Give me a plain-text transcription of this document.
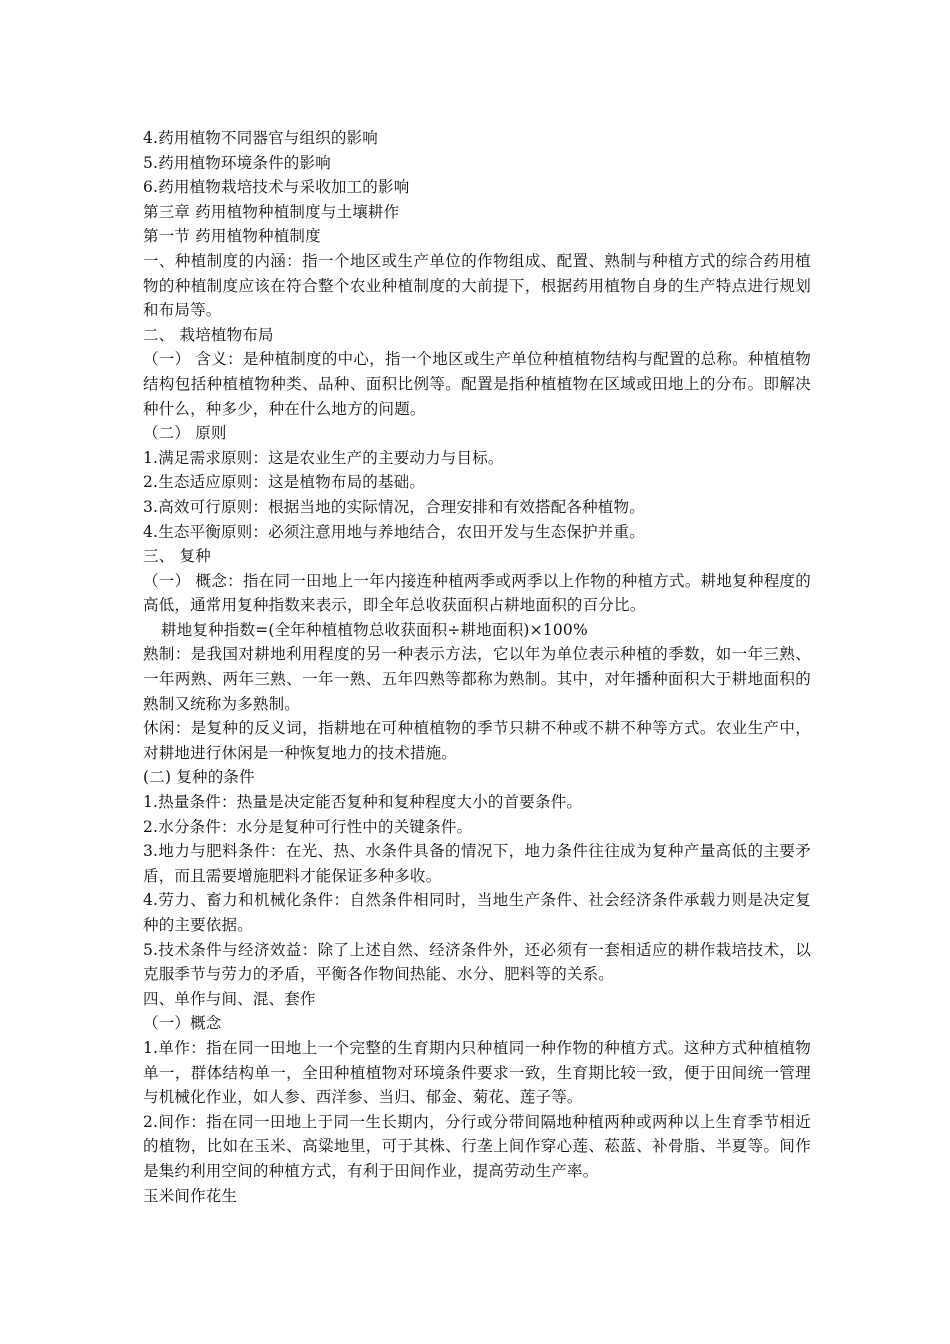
4.药用植物不同器官与组织的影响

5.药用植物环境条件的影响

6.药用植物栽培技术与采收加工的影响

第三章 药用植物种植制度与土壤耕作

第一节 药用植物种植制度

一、种植制度的内涵：指一个地区或生产单位的作物组成、配置、熟制与种植方式的综合药用植物的种植制度应该在符合整个农业种植制度的大前提下，根据药用植物自身的生产特点进行规划和布局等。

二、 栽培植物布局

（一） 含义：是种植制度的中心，指一个地区或生产单位种植植物结构与配置的总称。种植植物结构包括种植植物种类、品种、面积比例等。配置是指种植植物在区域或田地上的分布。即解决种什么，种多少，种在什么地方的问题。

（二） 原则

1.满足需求原则：这是农业生产的主要动力与目标。

2.生态适应原则：这是植物布局的基础。

3.高效可行原则：根据当地的实际情况，合理安排和有效搭配各种植物。

4.生态平衡原则：必须注意用地与养地结合，农田开发与生态保护并重。

三、 复种

（一） 概念：指在同一田地上一年内接连种植两季或两季以上作物的种植方式。耕地复种程度的高低，通常用复种指数来表示，即全年总收获面积占耕地面积的百分比。

耕地复种指数=(全年种植植物总收获面积÷耕地面积)×100%

熟制：是我国对耕地利用程度的另一种表示方法，它以年为单位表示种植的季数，如一年三熟、一年两熟、两年三熟、一年一熟、五年四熟等都称为熟制。其中，对年播种面积大于耕地面积的熟制又统称为多熟制。

休闲：是复种的反义词，指耕地在可种植植物的季节只耕不种或不耕不种等方式。农业生产中，对耕地进行休闲是一种恢复地力的技术措施。

(二) 复种的条件

1.热量条件：热量是决定能否复种和复种程度大小的首要条件。

2.水分条件：水分是复种可行性中的关键条件。

3.地力与肥料条件：在光、热、水条件具备的情况下，地力条件往往成为复种产量高低的主要矛盾，而且需要增施肥料才能保证多种多收。

4.劳力、畜力和机械化条件：自然条件相同时，当地生产条件、社会经济条件承载力则是决定复种的主要依据。

5.技术条件与经济效益：除了上述自然、经济条件外，还必须有一套相适应的耕作栽培技术，以克服季节与劳力的矛盾，平衡各作物间热能、水分、肥料等的关系。

四、单作与间、混、套作

（一）概念

1.单作：指在同一田地上一个完整的生育期内只种植同一种作物的种植方式。这种方式种植植物单一，群体结构单一，全田种植植物对环境条件要求一致，生育期比较一致，便于田间统一管理与机械化作业，如人参、西洋参、当归、郁金、菊花、莲子等。

2.间作：指在同一田地上于同一生长期内，分行或分带间隔地种植两种或两种以上生育季节相近的植物，比如在玉米、高粱地里，可于其株、行垄上间作穿心莲、菘蓝、补骨脂、半夏等。间作是集约利用空间的种植方式，有利于田间作业，提高劳动生产率。

玉米间作花生
